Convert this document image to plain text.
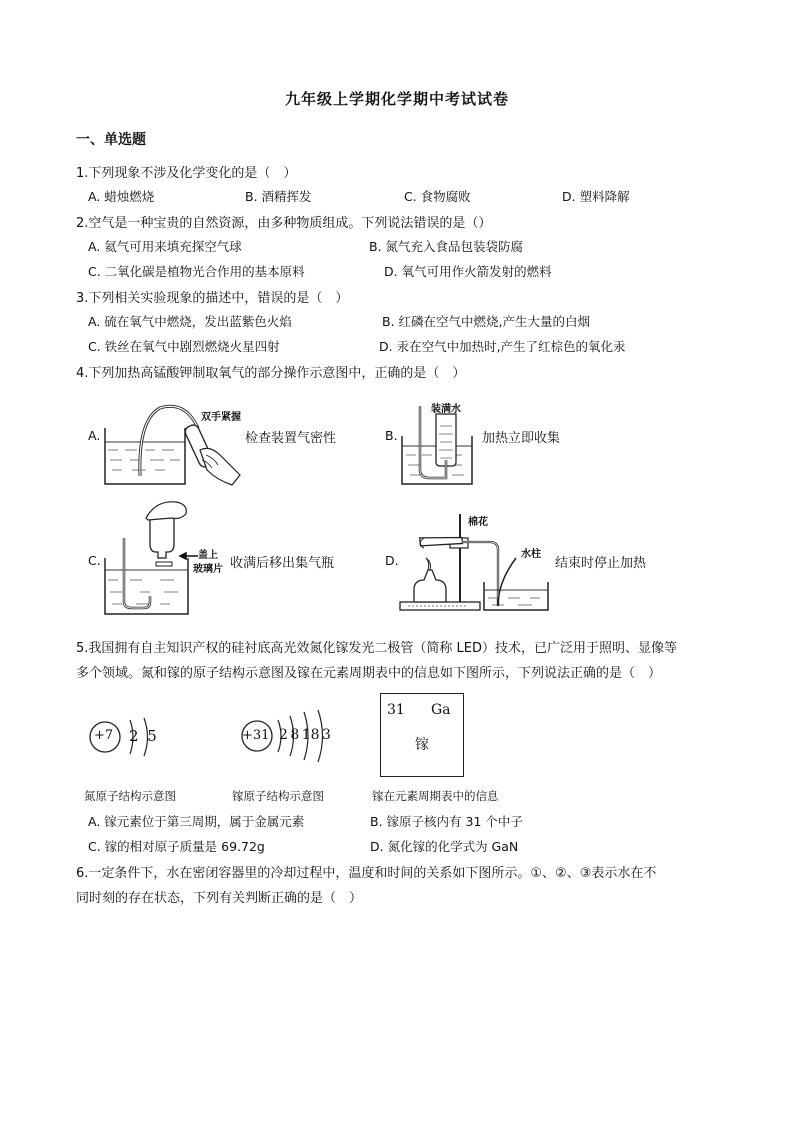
九年级上学期化学期中考试试卷
一、单选题
1.下列现象不涉及化学变化的是（　）
A. 蜡烛燃烧	B. 酒精挥发	C. 食物腐败	D. 塑料降解
2.空气是一种宝贵的自然资源，由多种物质组成。下列说法错误的是（）
A. 氦气可用来填充探空气球	B. 氮气充入食品包装袋防腐
C. 二氧化碳是植物光合作用的基本原料	D. 氧气可用作火箭发射的燃料
3.下列相关实验现象的描述中，错误的是（　）
A. 硫在氧气中燃烧，发出蓝紫色火焰	B. 红磷在空气中燃烧,产生大量的白烟
C. 铁丝在氧气中剧烈燃烧火星四射	D. 汞在空气中加热时,产生了红棕色的氧化汞
4.下列加热高锰酸钾制取氧气的部分操作示意图中，正确的是（　）
A.
双手紧握
检查装置气密性	B.
装满水
加热立即收集
C.	盖上
玻璃片 收满后移出集气瓶	D.
棉花
水柱
结束时停止加热
5.我国拥有自主知识产权的硅衬底高光效氮化镓发光二极管（简称 LED）技术，已广泛用于照明、显像等
多个领域。氮和镓的原子结构示意图及镓在元素周期表中的信息如下图所示，下列说法正确的是（　）
+7 2 5	+31 2 8 18 3
31 Ga
镓
氮原子结构示意图	镓原子结构示意图	镓在元素周期表中的信息
A. 镓元素位于第三周期，属于金属元素	B. 镓原子核内有 31 个中子
C. 镓的相对原子质量是 69.72g	D. 氮化镓的化学式为 GaN
6.一定条件下，水在密闭容器里的冷却过程中，温度和时间的关系如下图所示。①、②、③表示水在不
同时刻的存在状态，下列有关判断正确的是（　）
